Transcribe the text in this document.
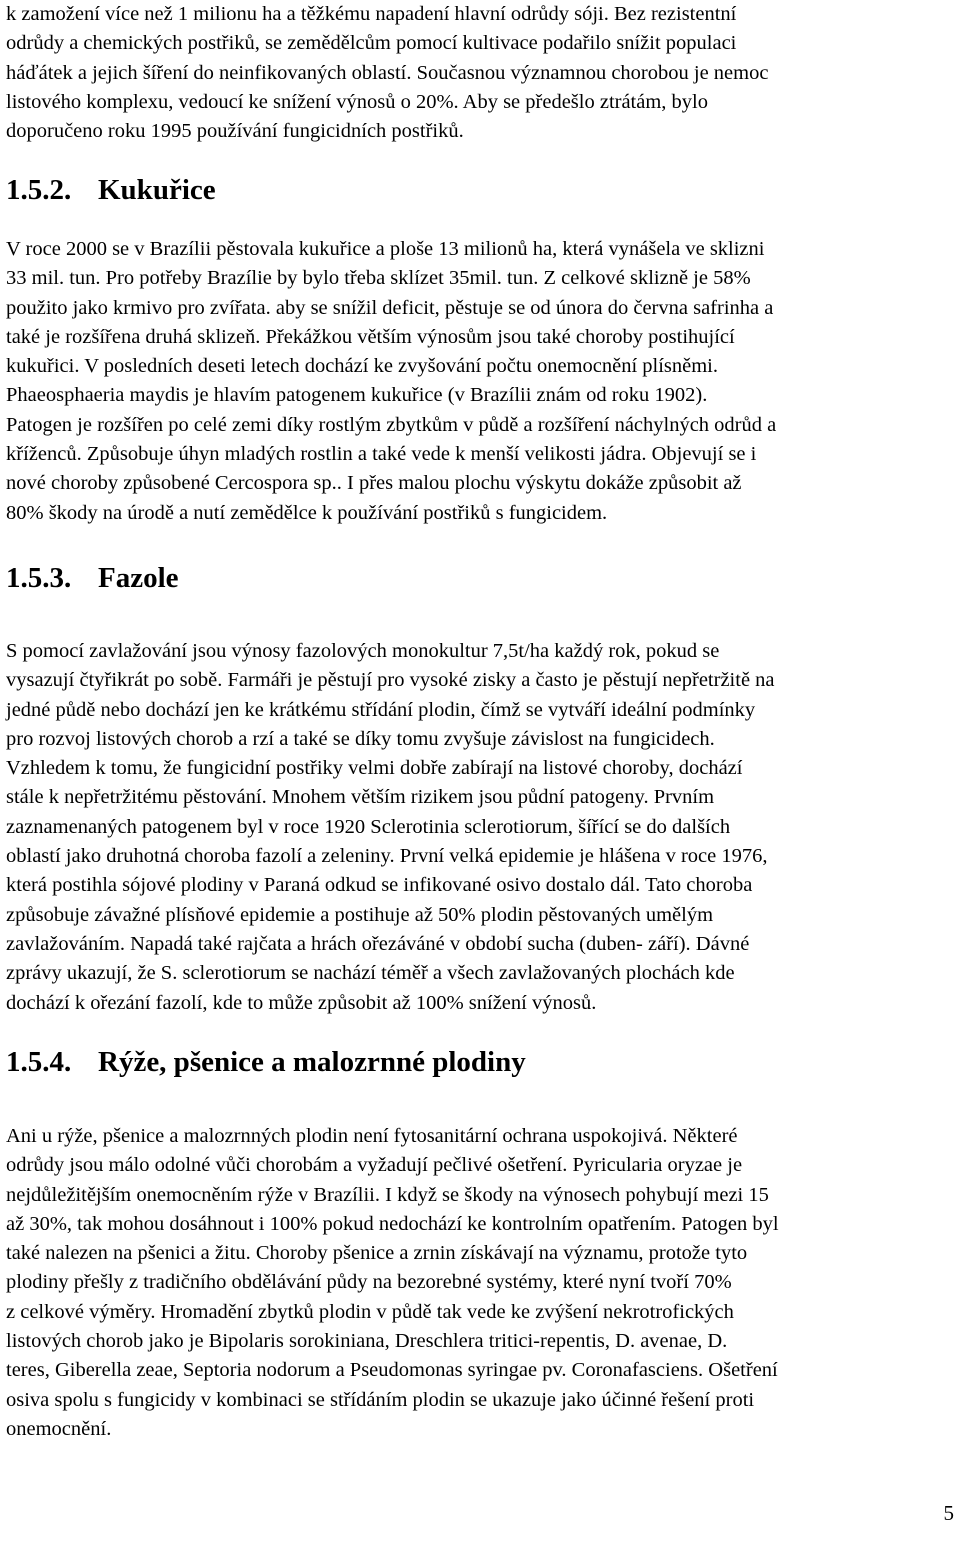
k zamožení více než 1 milionu ha a těžkému napadení hlavní odrůdy sóji. Bez rezistentní
odrůdy a chemických postřiků, se zemědělcům pomocí kultivace podařilo snížit populaci
háďátek a jejich šíření do neinfikovaných oblastí. Současnou významnou chorobou je nemoc
listového komplexu, vedoucí ke snížení výnosů o 20%. Aby se předešlo ztrátám, bylo
doporučeno roku 1995 používání fungicidních postřiků.
1.5.2. Kukuřice
V roce 2000 se v Brazílii pěstovala kukuřice a ploše 13 milionů ha, která vynášela ve sklizni
33 mil. tun. Pro potřeby Brazílie by bylo třeba sklízet 35mil. tun. Z celkové sklizně je 58%
použito jako krmivo pro zvířata. aby se snížil deficit, pěstuje se od února do června safrinha a
také je rozšířena druhá sklizeň. Překážkou větším výnosům jsou také choroby postihující
kukuřici. V posledních deseti letech dochází ke zvyšování počtu onemocnění plísněmi.
Phaeosphaeria maydis je hlavím patogenem kukuřice (v Brazílii znám od roku 1902).
Patogen je rozšířen po celé zemi díky rostlým zbytkům v půdě a rozšíření náchylných odrůd a
kříženců. Způsobuje úhyn mladých rostlin a také vede k menší velikosti jádra. Objevují se i
nové choroby způsobené Cercospora sp.. I přes malou plochu výskytu dokáže způsobit až
80% škody na úrodě a nutí zemědělce k používání postřiků s fungicidem.
1.5.3. Fazole
S pomocí zavlažování jsou výnosy fazolových monokultur 7,5t/ha každý rok, pokud se
vysazují čtyřikrát po sobě. Farmáři je pěstují pro vysoké zisky a často je pěstují nepřetržitě na
jedné půdě nebo dochází jen ke krátkému střídání plodin, čímž se vytváří ideální podmínky
pro rozvoj listových chorob a rzí a také se díky tomu zvyšuje závislost na fungicidech.
Vzhledem k tomu, že fungicidní postřiky velmi dobře zabírají na listové choroby, dochází
stále k nepřetržitému pěstování. Mnohem větším rizikem jsou půdní patogeny. Prvním
zaznamenaných patogenem byl v roce 1920 Sclerotinia sclerotiorum, šířící se do dalších
oblastí jako druhotná choroba fazolí a zeleniny. První velká epidemie je hlášena v roce 1976,
která postihla sójové plodiny v Paraná odkud se infikované osivo dostalo dál. Tato choroba
způsobuje závažné plísňové epidemie a postihuje až 50% plodin pěstovaných umělým
zavlažováním. Napadá také rajčata a hrách ořezáváné v období sucha (duben- září). Dávné
zprávy ukazují, že S. sclerotiorum se nachází téměř a všech zavlažovaných plochách kde
dochází k ořezání fazolí, kde to může způsobit až 100% snížení výnosů.
1.5.4. Rýže, pšenice a malozrnné plodiny
Ani u rýže, pšenice a malozrnných plodin není fytosanitární ochrana uspokojivá. Některé
odrůdy jsou málo odolné vůči chorobám a vyžadují pečlivé ošetření. Pyricularia oryzae je
nejdůležitějším onemocněním rýže v Brazílii. I když se škody na výnosech pohybují mezi 15
až 30%, tak mohou dosáhnout i 100% pokud nedochází ke kontrolním opatřením. Patogen byl
také nalezen na pšenici a žitu. Choroby pšenice a zrnin získávají na významu, protože tyto
plodiny přešly z tradičního obdělávání půdy na bezorebné systémy, které nyní tvoří 70%
z celkové výměry. Hromadění zbytků plodin v půdě tak vede ke zvýšení nekrotrofických
listových chorob jako je Bipolaris sorokiniana, Dreschlera tritici-repentis, D. avenae, D.
teres, Giberella zeae, Septoria nodorum a Pseudomonas syringae pv. Coronafasciens. Ošetření
osiva spolu s fungicidy v kombinaci se střídáním plodin se ukazuje jako účinné řešení proti
onemocnění.
5
